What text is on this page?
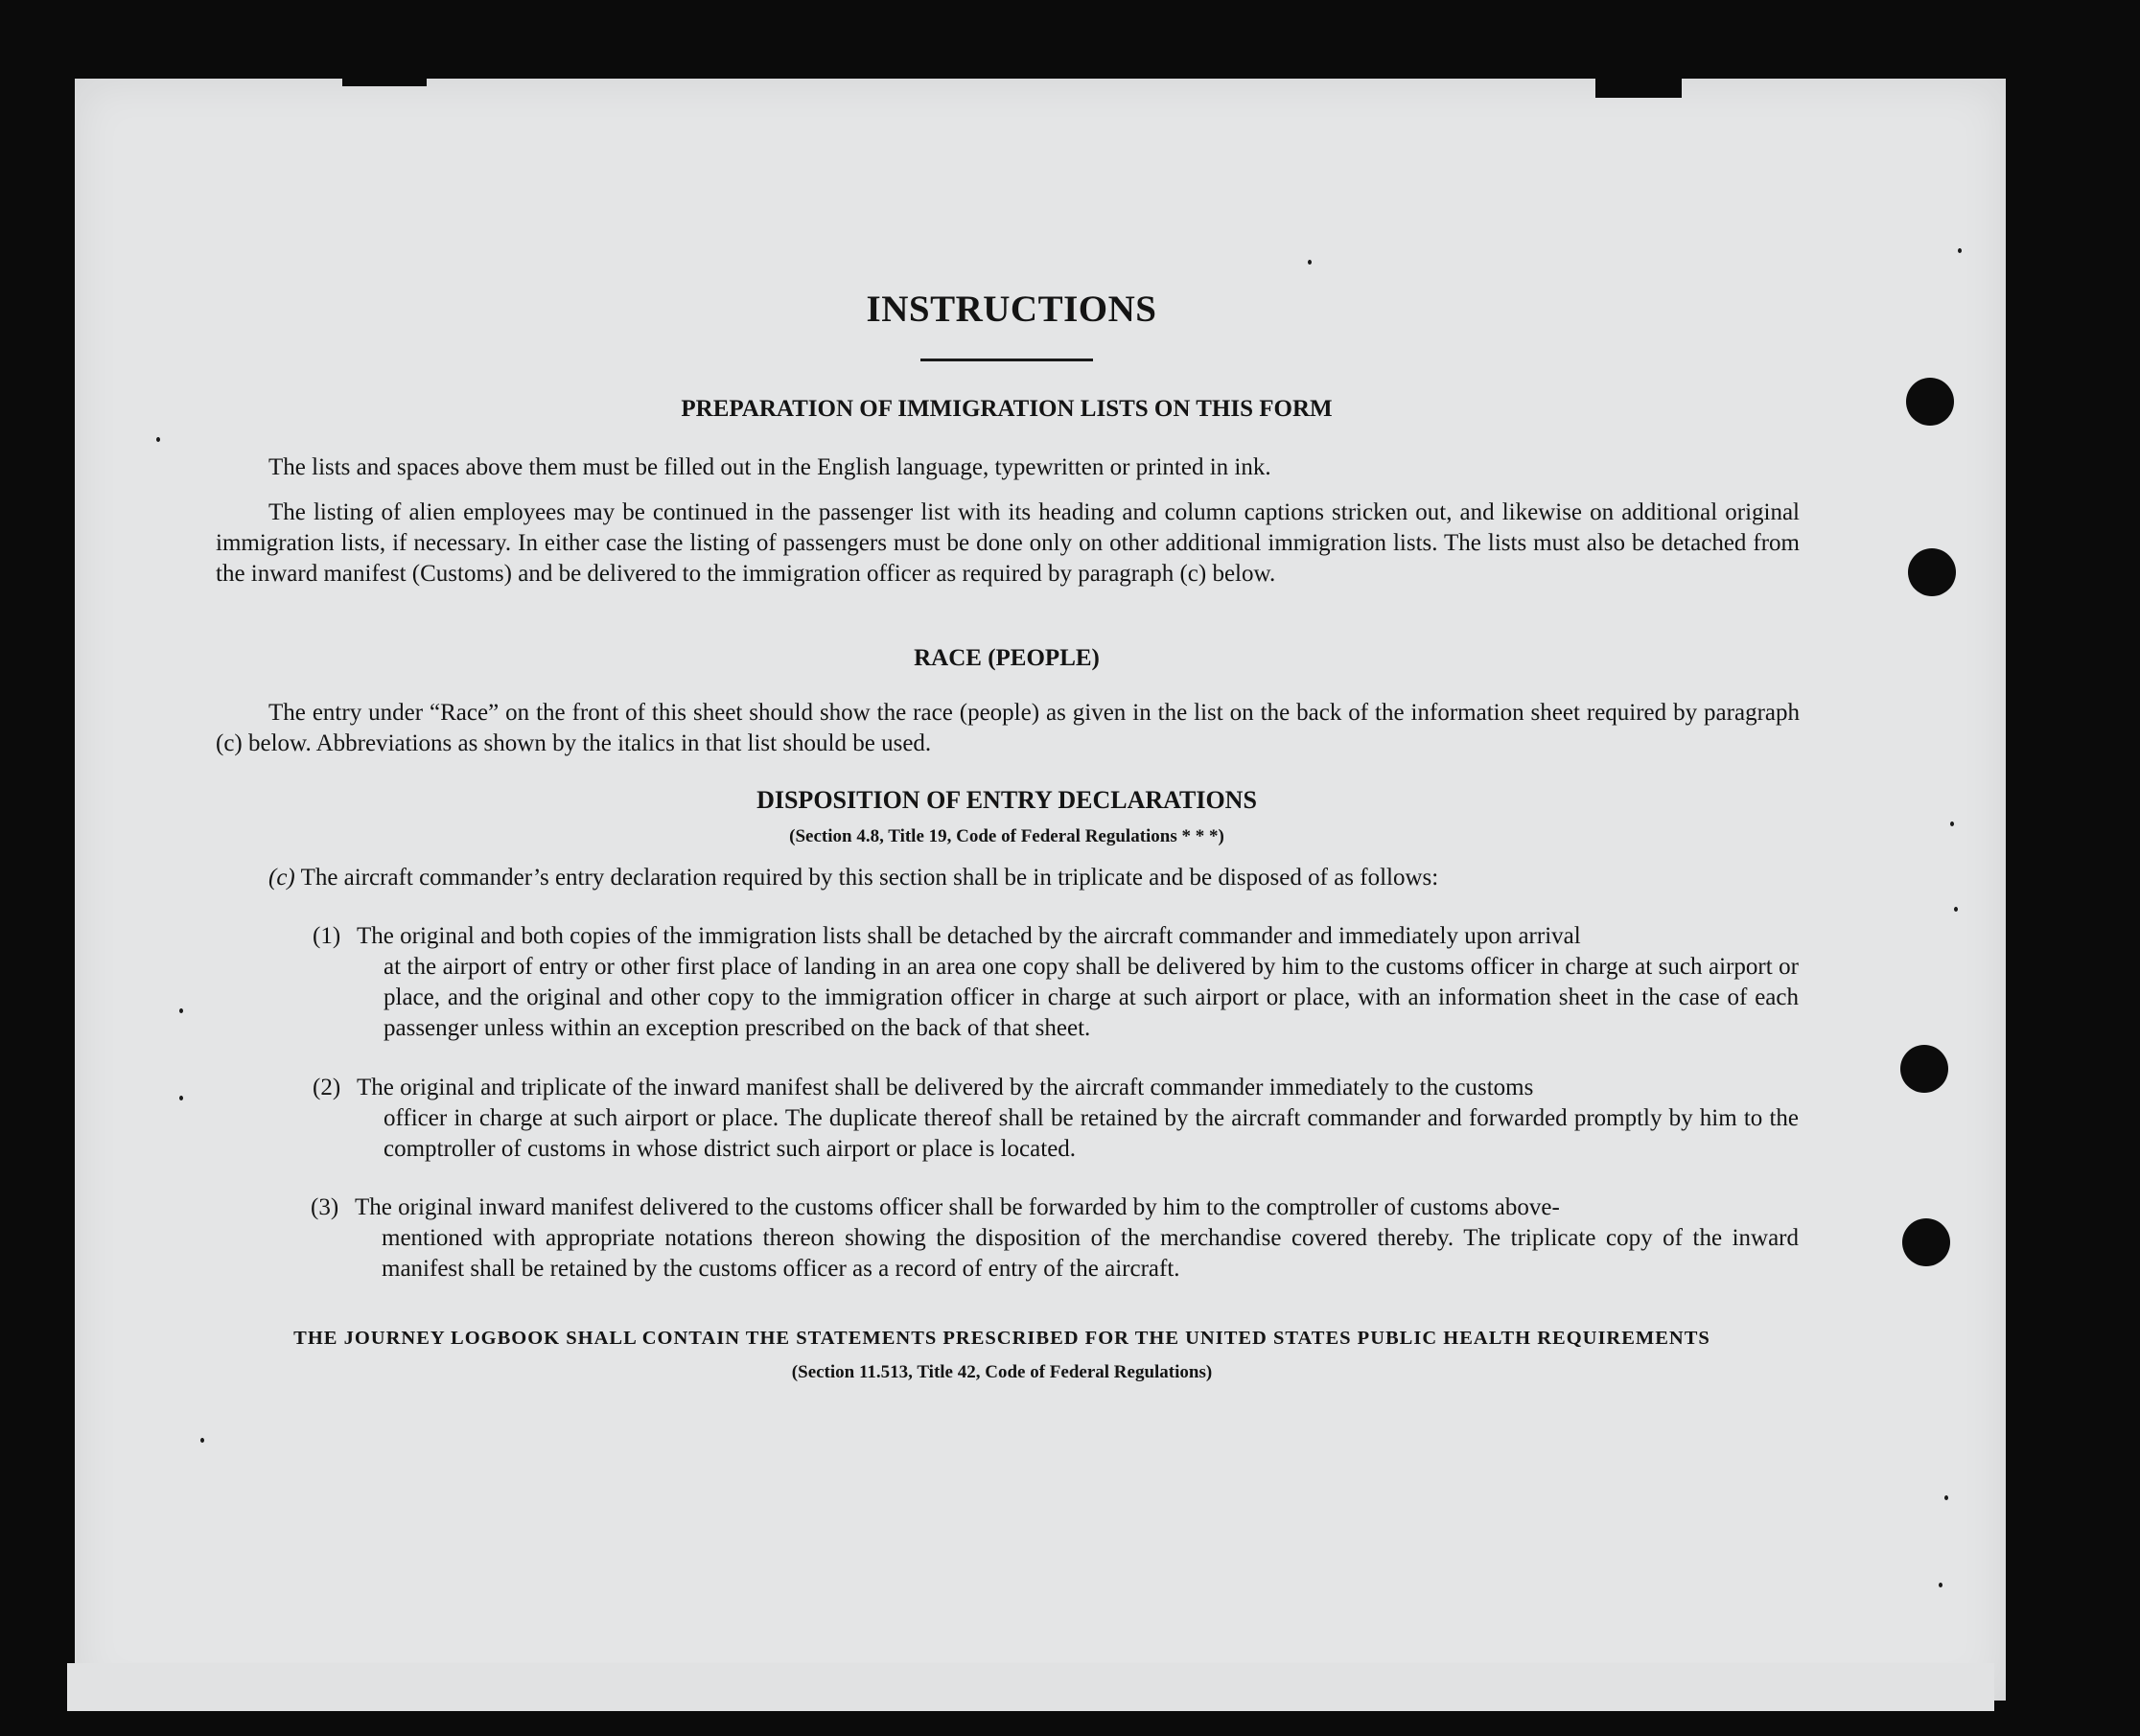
INSTRUCTIONS
PREPARATION OF IMMIGRATION LISTS ON THIS FORM

The lists and spaces above them must be filled out in the English language, typewritten or printed in ink.

The listing of alien employees may be continued in the passenger list with its heading and column captions stricken out, and likewise on additional original immigration lists, if necessary. In either case the listing of passengers must be done only on other additional immigration lists. The lists must also be detached from the inward manifest (Customs) and be delivered to the immigration officer as required by paragraph (c) below.

RACE (PEOPLE)

The entry under “Race” on the front of this sheet should show the race (people) as given in the list on the back of the information sheet required by paragraph (c) below. Abbreviations as shown by the italics in that list should be used.

DISPOSITION OF ENTRY DECLARATIONS
(Section 4.8, Title 19, Code of Federal Regulations * * *)
(c) The aircraft commander’s entry declaration required by this section shall be in triplicate and be disposed of as follows:
(1) The original and both copies of the immigration lists shall be detached by the aircraft commander and immediately upon arrival
at the airport of entry or other first place of landing in an area one copy shall be delivered by him to the customs officer in charge at such airport or place, and the original and other copy to the immigration officer in charge at such airport or place, with an information sheet in the case of each passenger unless within an exception prescribed on the back of that sheet.
(2) The original and triplicate of the inward manifest shall be delivered by the aircraft commander immediately to the customs
officer in charge at such airport or place. The duplicate thereof shall be retained by the aircraft commander and forwarded promptly by him to the comptroller of customs in whose district such airport or place is located.
(3) The original inward manifest delivered to the customs officer shall be forwarded by him to the comptroller of customs above-
mentioned with appropriate notations thereon showing the disposition of the merchandise covered thereby. The triplicate copy of the inward manifest shall be retained by the customs officer as a record of entry of the aircraft.
THE JOURNEY LOGBOOK SHALL CONTAIN THE STATEMENTS PRESCRIBED FOR THE UNITED STATES PUBLIC HEALTH REQUIREMENTS
(Section 11.513, Title 42, Code of Federal Regulations)
